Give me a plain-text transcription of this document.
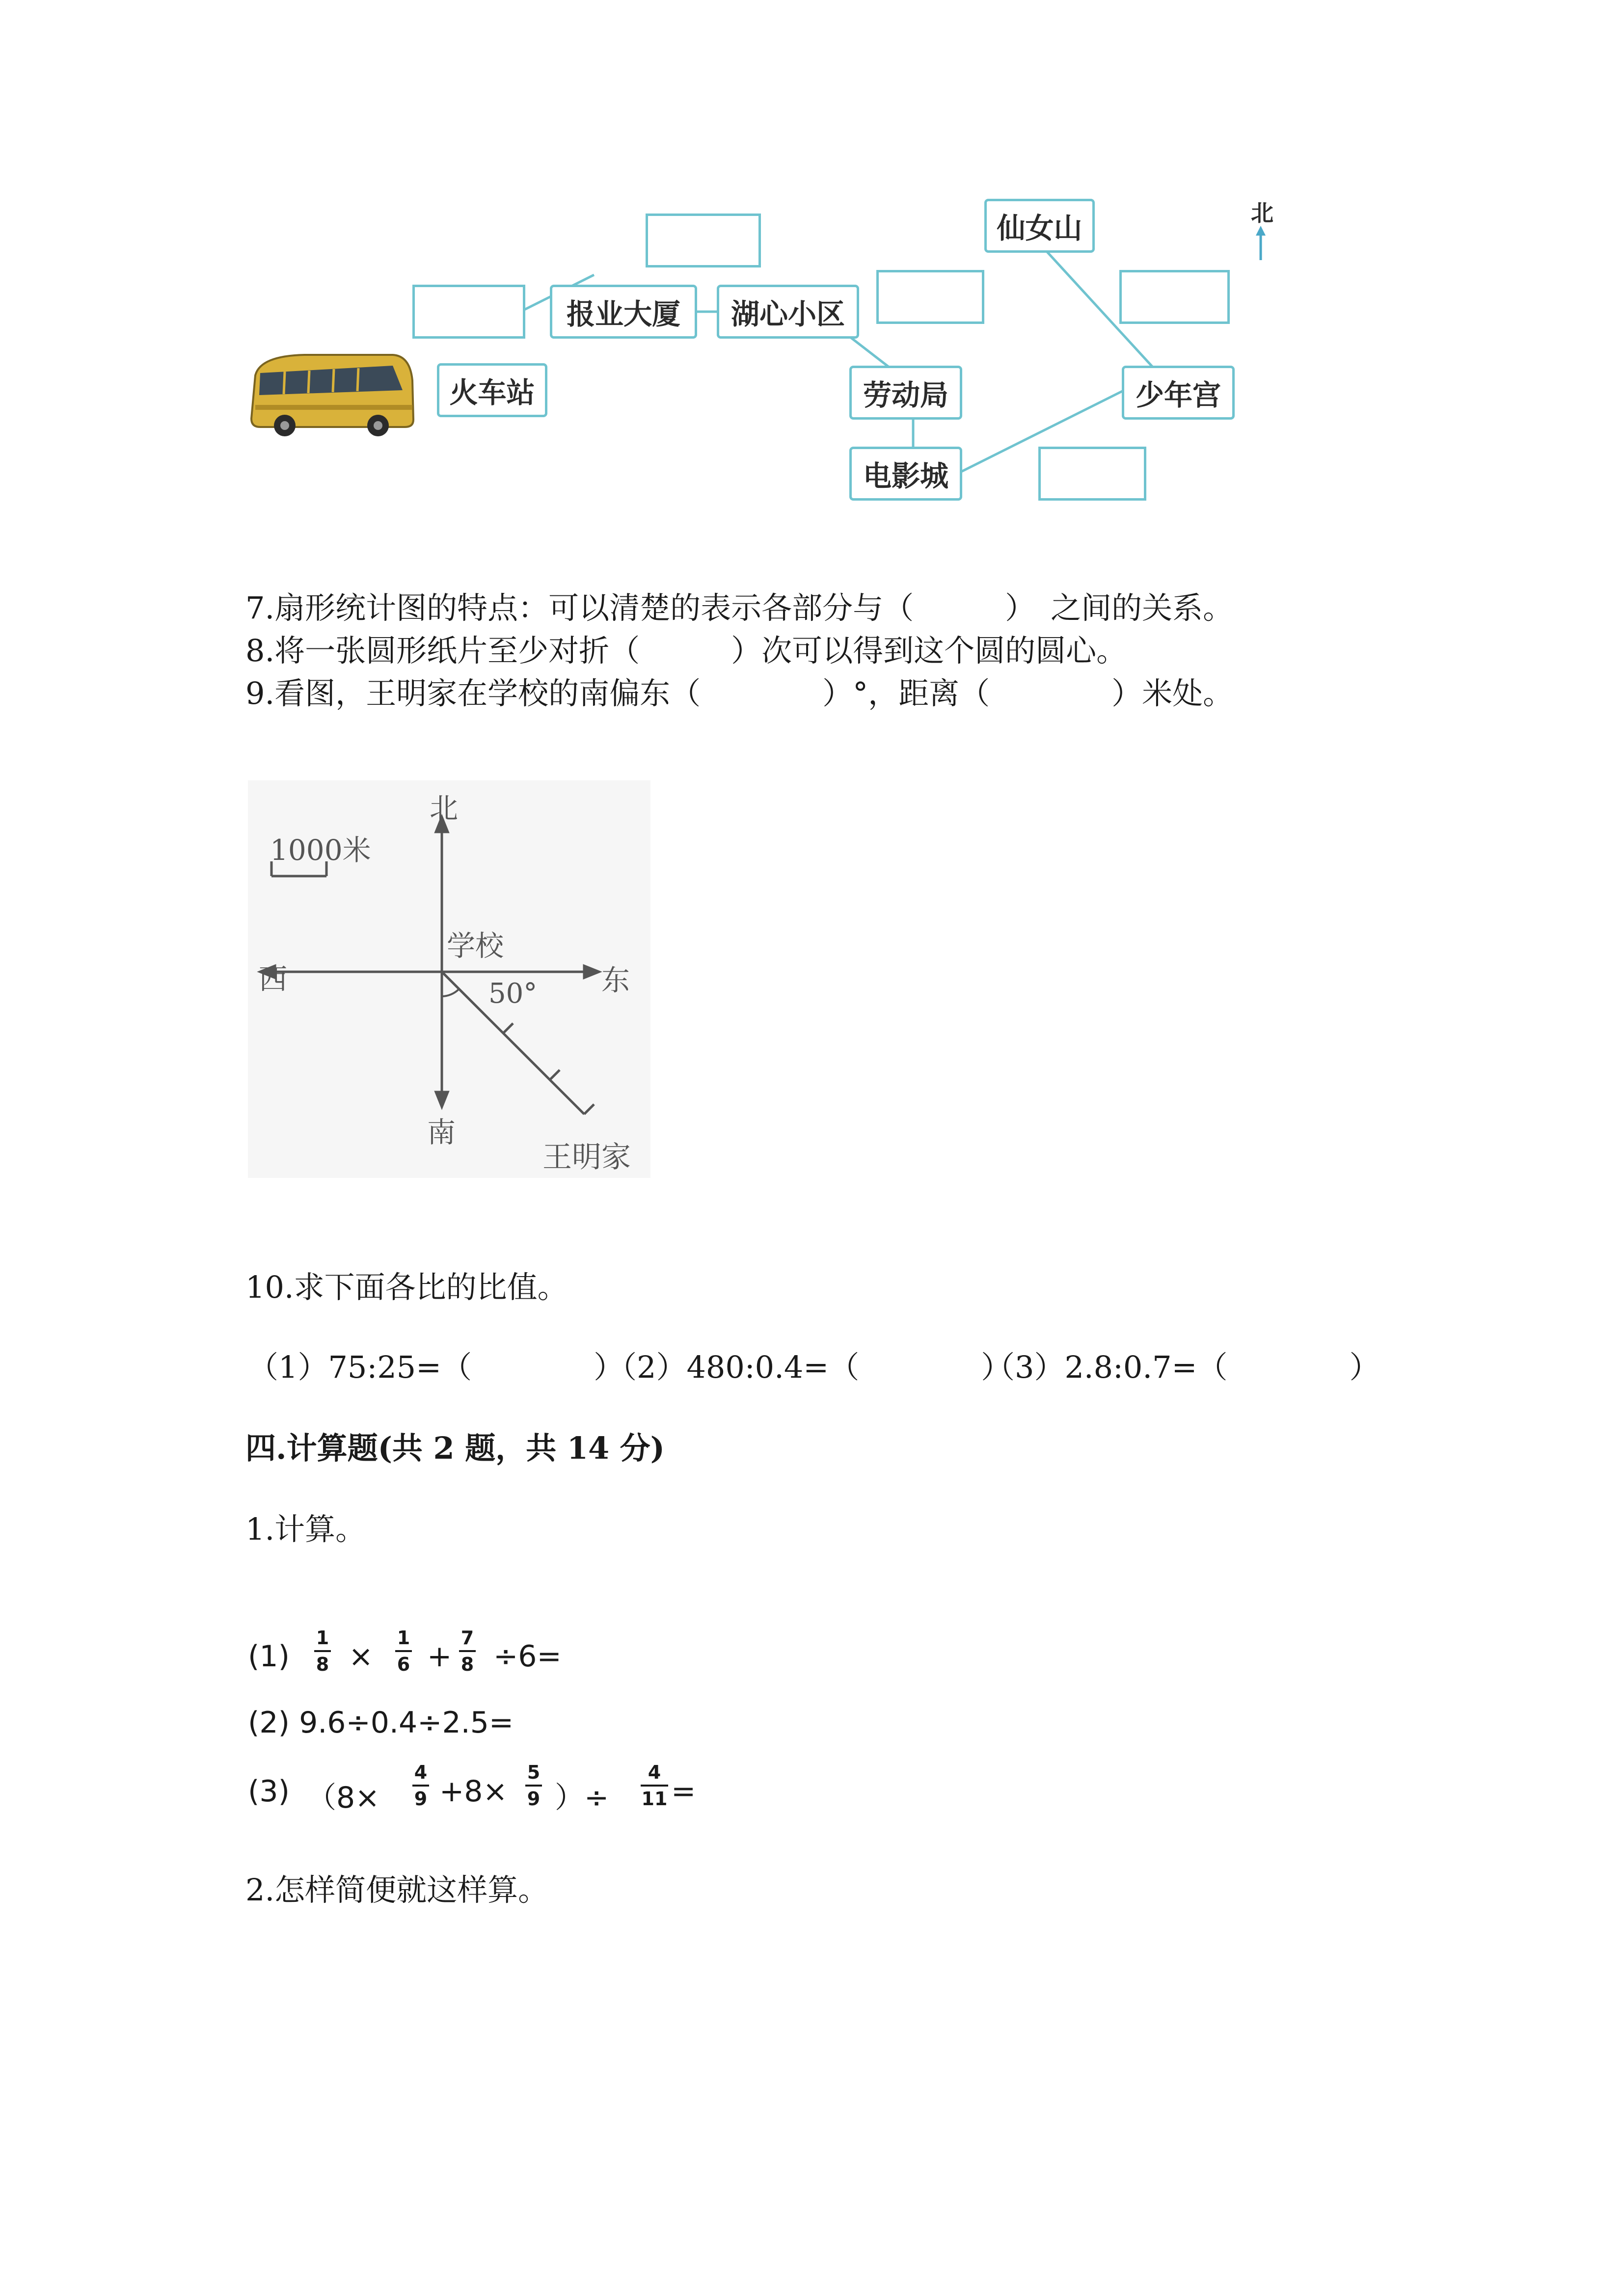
火车站
报业大厦	湖心小区
劳动局
电影城
仙女山
少年宫
北
7.扇形统计图的特点：可以清楚的表示各部分与（　　　）　之间的关系。
8.将一张圆形纸片至少对折（　　　）次可以得到这个圆的圆心。
9.看图，王明家在学校的南偏东（　　　　）°，距离（　　　　）米处。
北
南
东
西
学校
50°
1000米
王明家
10.求下面各比的比值。
（1）75:25=（　　　　）
（2）480:0.4=（　　　　）
（3）2.8:0.7=（　　　　）
四.计算题(共 2 题，共 14 分)
1.计算。
(1)
1
8 ×
1
6 +
7
8 ÷6=
(2) 9.6÷0.4÷2.5=
(3) （8×
4
9 +8×
5
9 ）÷
4
11 =
2.怎样简便就这样算。
